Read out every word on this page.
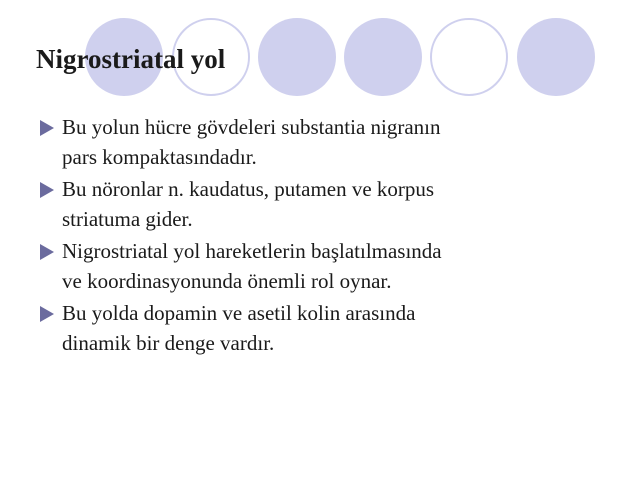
Nigrostriatal yol
Bu yolun hücre gövdeleri substantia nigranın
pars kompaktasındadır.
Bu nöronlar n. kaudatus, putamen ve korpus
striatuma gider.
Nigrostriatal yol hareketlerin başlatılmasında
ve koordinasyonunda önemli rol oynar.
Bu yolda dopamin ve asetil kolin arasında
dinamik bir denge vardır.
